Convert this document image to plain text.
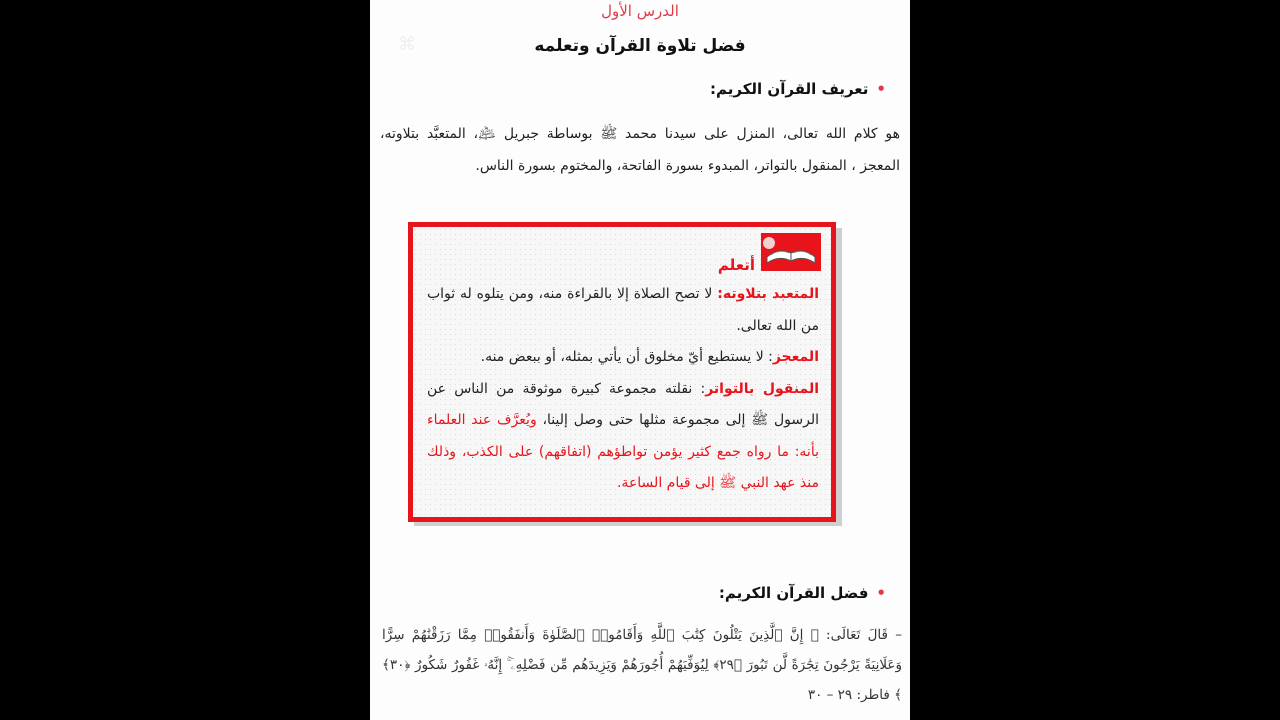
⌘
الدرس الأول
فضل تلاوة القرآن وتعلمه
•تعريف القرآن الكريم:
هو كلام الله تعالى، المنزل على سيدنا محمد ﷺ بوساطة جبريل ﵇، المتعبَّد بتلاوته، المعجز ، المنقول بالتواتر، المبدوء بسورة الفاتحة، والمختوم بسورة الناس.
أتعلم
المتعبد بتلاوته: لا تصح الصلاة إلا بالقراءة منه، ومن يتلوه له ثواب من الله تعالى.
المعجز: لا يستطيع أيّ مخلوق أن يأتي بمثله، أو ببعض منه.
المنقول بالتواتر: نقلته مجموعة كبيرة موثوقة من الناس عن الرسول ﷺ إلى مجموعة مثلها حتى وصل إلينا، ويُعرَّف عند العلماء بأنه: ما رواه جمع كثير يؤمن تواطؤهم (اتفاقهم) على الكذب، وذلك منذ عهد النبي ﷺ إلى قيام الساعة.
•فضل القرآن الكريم:
– قَالَ تَعَالَى: ﴿ إِنَّ ٱلَّذِينَ يَتْلُونَ كِتَٰبَ ٱللَّهِ وَأَقَامُوا۟ ٱلصَّلَوٰةَ وَأَنفَقُوا۟ مِمَّا رَزَقْنَٰهُمْ سِرًّا وَعَلَانِيَةً يَرْجُونَ تِجَٰرَةً لَّن تَبُورَ ﴿٢٩﴾ لِيُوَفِّيَهُمْ أُجُورَهُمْ وَيَزِيدَهُم مِّن فَضْلِهِۦٓ ۚ إِنَّهُۥ غَفُورٌ شَكُورٌ ﴿٣٠﴾ ﴾ فاطر: ٢٩ – ٣٠
